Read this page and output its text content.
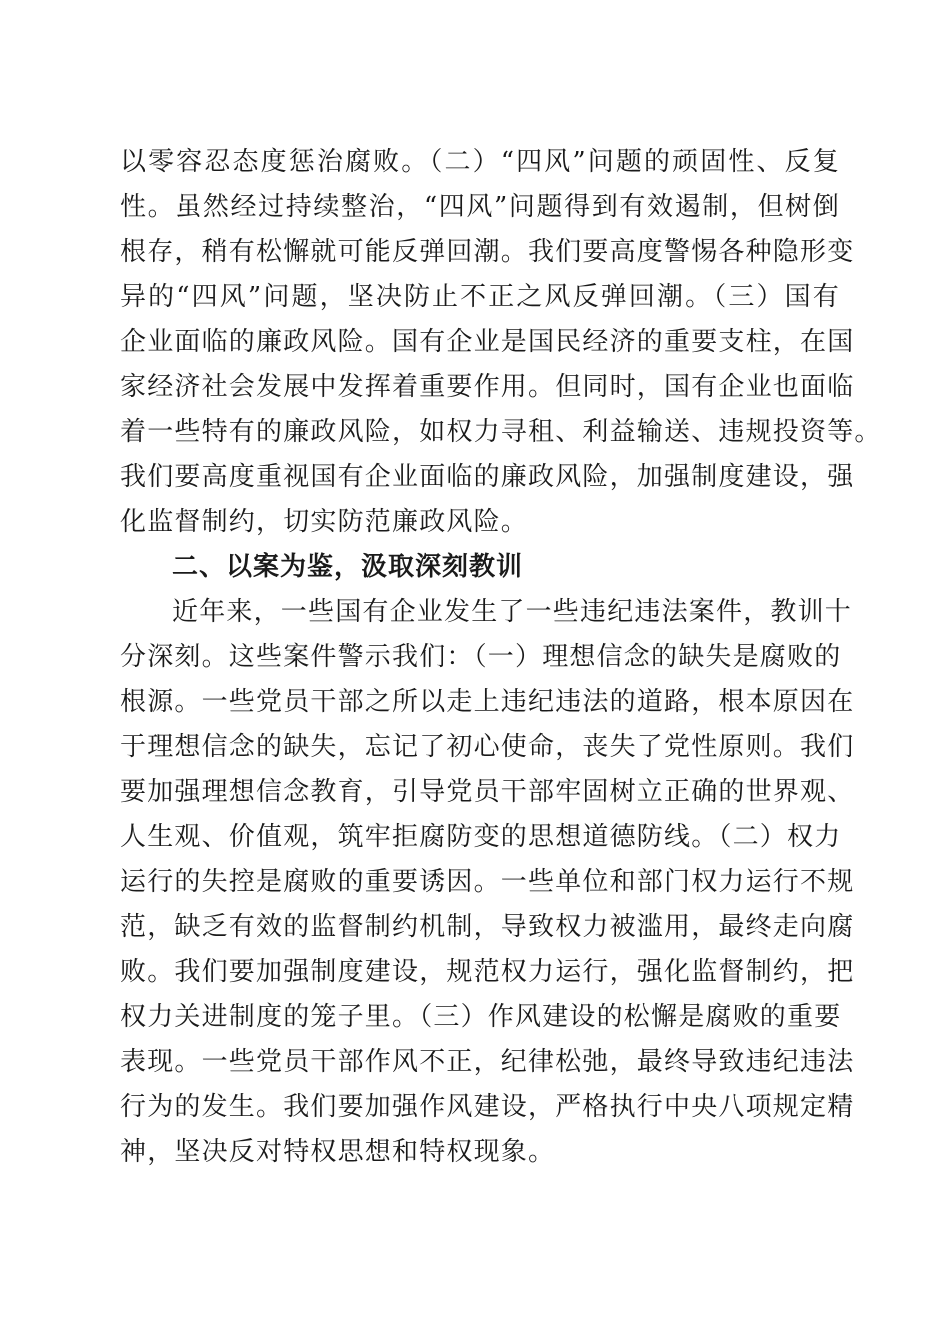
以零容忍态度惩治腐败。（二）“四风”问题的顽固性、反复
性。虽然经过持续整治，“四风”问题得到有效遏制，但树倒
根存，稍有松懈就可能反弹回潮。我们要高度警惕各种隐形变
异的“四风”问题，坚决防止不正之风反弹回潮。（三）国有
企业面临的廉政风险。国有企业是国民经济的重要支柱，在国
家经济社会发展中发挥着重要作用。但同时，国有企业也面临
着一些特有的廉政风险，如权力寻租、利益输送、违规投资等。
我们要高度重视国有企业面临的廉政风险，加强制度建设，强
化监督制约，切实防范廉政风险。
二、以案为鉴，汲取深刻教训
近年来，一些国有企业发生了一些违纪违法案件，教训十
分深刻。这些案件警示我们：（一）理想信念的缺失是腐败的
根源。一些党员干部之所以走上违纪违法的道路，根本原因在
于理想信念的缺失，忘记了初心使命，丧失了党性原则。我们
要加强理想信念教育，引导党员干部牢固树立正确的世界观、
人生观、价值观，筑牢拒腐防变的思想道德防线。（二）权力
运行的失控是腐败的重要诱因。一些单位和部门权力运行不规
范，缺乏有效的监督制约机制，导致权力被滥用，最终走向腐
败。我们要加强制度建设，规范权力运行，强化监督制约，把
权力关进制度的笼子里。（三）作风建设的松懈是腐败的重要
表现。一些党员干部作风不正，纪律松弛，最终导致违纪违法
行为的发生。我们要加强作风建设，严格执行中央八项规定精
神，坚决反对特权思想和特权现象。
